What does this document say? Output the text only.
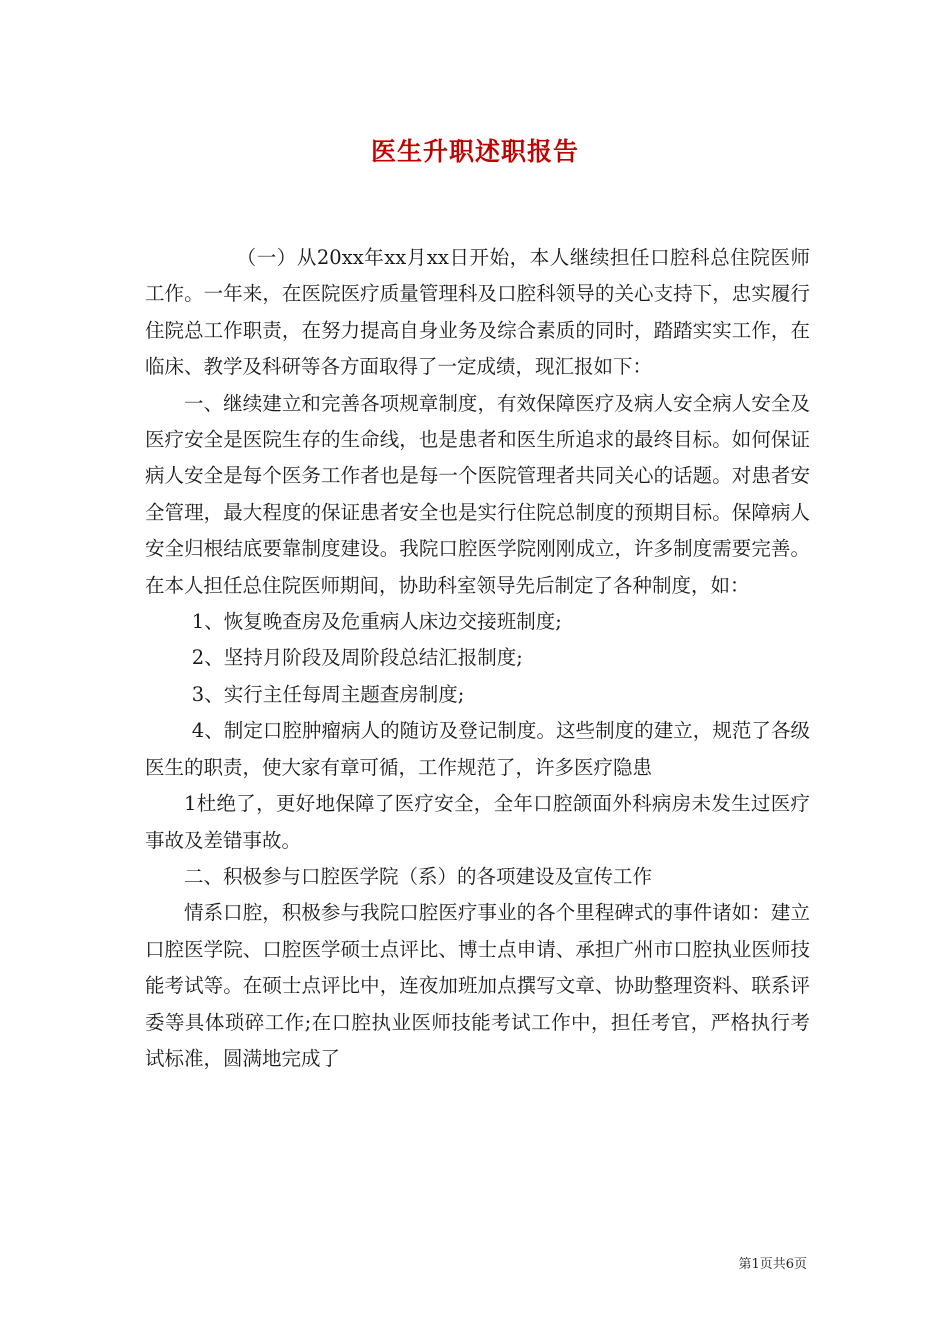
医生升职述职报告

（一）从20xx年xx月xx日开始，本人继续担任口腔科总住院医师工作。一年来，在医院医疗质量管理科及口腔科领导的关心支持下，忠实履行住院总工作职责，在努力提高自身业务及综合素质的同时，踏踏实实工作，在临床、教学及科研等各方面取得了一定成绩，现汇报如下：

一、继续建立和完善各项规章制度，有效保障医疗及病人安全病人安全及医疗安全是医院生存的生命线，也是患者和医生所追求的最终目标。如何保证病人安全是每个医务工作者也是每一个医院管理者共同关心的话题。对患者安全管理，最大程度的保证患者安全也是实行住院总制度的预期目标。保障病人安全归根结底要靠制度建设。我院口腔医学院刚刚成立，许多制度需要完善。在本人担任总住院医师期间，协助科室领导先后制定了各种制度，如：

1、恢复晚查房及危重病人床边交接班制度;

2、坚持月阶段及周阶段总结汇报制度;

3、实行主任每周主题查房制度;

4、制定口腔肿瘤病人的随访及登记制度。这些制度的建立，规范了各级医生的职责，使大家有章可循，工作规范了，许多医疗隐患

1杜绝了，更好地保障了医疗安全，全年口腔颌面外科病房未发生过医疗事故及差错事故。

二、积极参与口腔医学院（系）的各项建设及宣传工作

情系口腔，积极参与我院口腔医疗事业的各个里程碑式的事件诸如：建立口腔医学院、口腔医学硕士点评比、博士点申请、承担广州市口腔执业医师技能考试等。在硕士点评比中，连夜加班加点撰写文章、协助整理资料、联系评委等具体琐碎工作;在口腔执业医师技能考试工作中，担任考官，严格执行考试标准，圆满地完成了

第1页共6页
